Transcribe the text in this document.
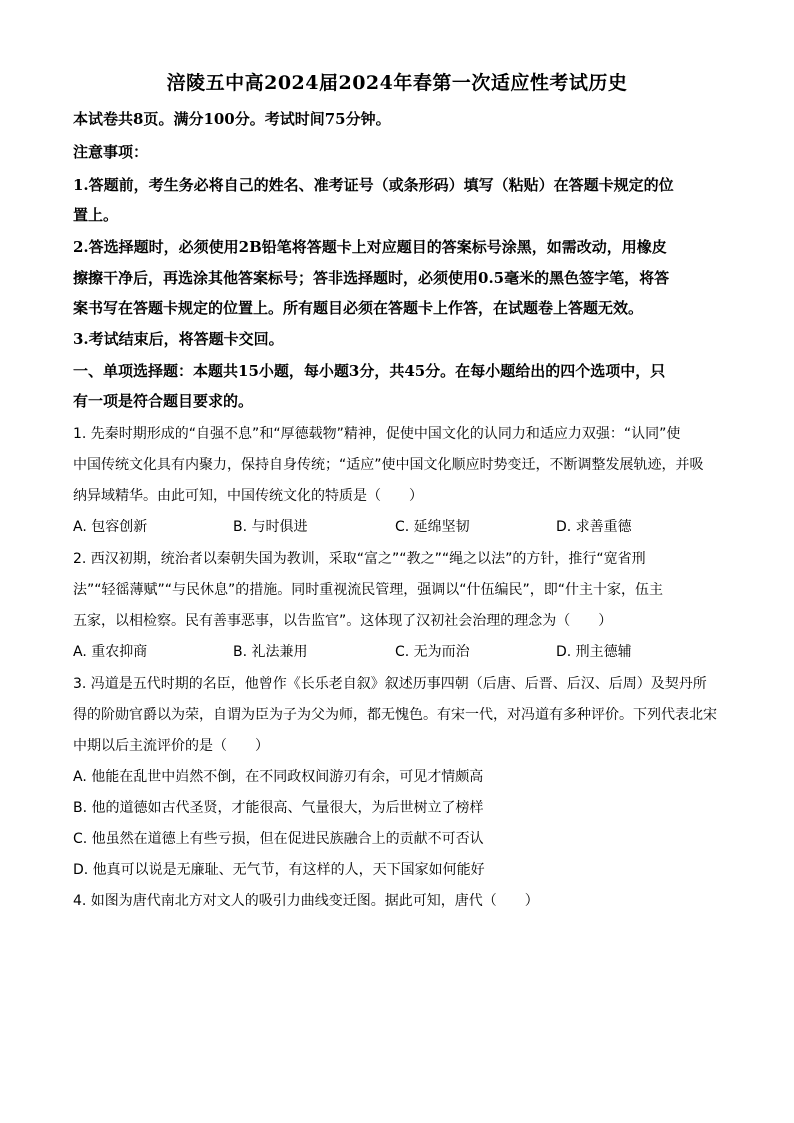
涪陵五中高2024届2024年春第一次适应性考试历史
本试卷共8页。满分100分。考试时间75分钟。
注意事项：
1.答题前，考生务必将自己的姓名、准考证号（或条形码）填写（粘贴）在答题卡规定的位
置上。
2.答选择题时，必须使用2B铅笔将答题卡上对应题目的答案标号涂黑，如需改动，用橡皮
擦擦干净后，再选涂其他答案标号；答非选择题时，必须使用0.5毫米的黑色签字笔，将答
案书写在答题卡规定的位置上。所有题目必须在答题卡上作答，在试题卷上答题无效。
3.考试结束后，将答题卡交回。
一、单项选择题：本题共15小题，每小题3分，共45分。在每小题给出的四个选项中，只
有一项是符合题目要求的。
1. 先秦时期形成的“自强不息”和“厚德载物”精神，促使中国文化的认同力和适应力双强：“认同”使
中国传统文化具有内聚力，保持自身传统；“适应”使中国文化顺应时势变迁，不断调整发展轨迹，并吸
纳异域精华。由此可知，中国传统文化的特质是（　　）
A. 包容创新	B. 与时俱进	C. 延绵坚韧	D. 求善重德
2. 西汉初期，统治者以秦朝失国为教训，采取“富之”“教之”“绳之以法”的方针，推行“宽省刑
法”“轻徭薄赋”“与民休息”的措施。同时重视流民管理，强调以“什伍编民”，即“什主十家，伍主
五家，以相检察。民有善事恶事，以告监官”。这体现了汉初社会治理的理念为（　　）
A. 重农抑商	B. 礼法兼用	C. 无为而治	D. 刑主德辅
3. 冯道是五代时期的名臣，他曾作《长乐老自叙》叙述历事四朝（后唐、后晋、后汉、后周）及契丹所
得的阶勋官爵以为荣，自谓为臣为子为父为师，都无愧色。有宋一代，对冯道有多种评价。下列代表北宋
中期以后主流评价的是（　　）
A. 他能在乱世中岿然不倒，在不同政权间游刃有余，可见才情颇高
B. 他的道德如古代圣贤，才能很高、气量很大，为后世树立了榜样
C. 他虽然在道德上有些亏损，但在促进民族融合上的贡献不可否认
D. 他真可以说是无廉耻、无气节，有这样的人，天下国家如何能好
4. 如图为唐代南北方对文人的吸引力曲线变迁图。据此可知，唐代（　　）
